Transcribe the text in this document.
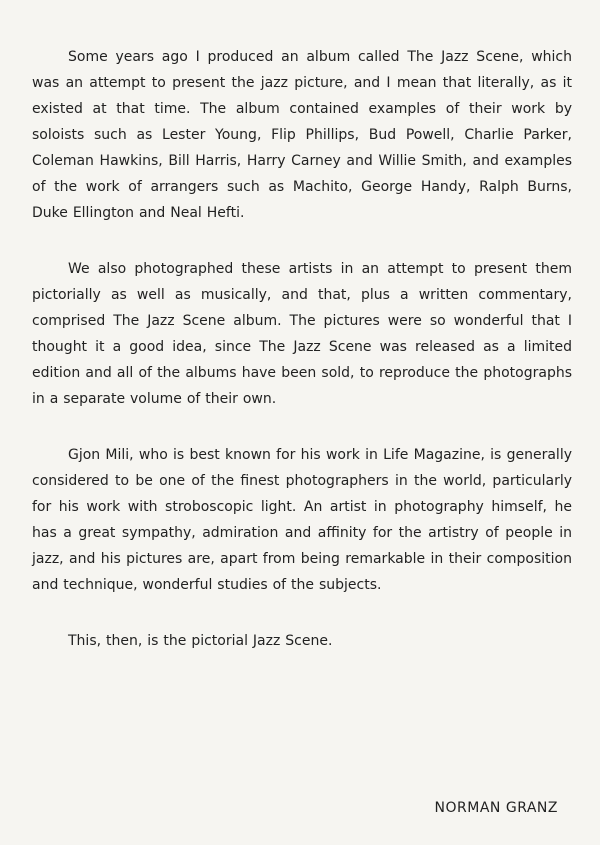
Some years ago I produced an album called The Jazz Scene, which was an attempt to present the jazz picture, and I mean that literally, as it existed at that time. The album contained examples of their work by soloists such as Lester Young, Flip Phillips, Bud Powell, Charlie Parker, Coleman Hawkins, Bill Harris, Harry Carney and Willie Smith, and examples of the work of arrangers such as Machito, George Handy, Ralph Burns, Duke Ellington and Neal Hefti.

We also photographed these artists in an attempt to present them pictorially as well as musically, and that, plus a written commentary, comprised The Jazz Scene album. The pictures were so wonderful that I thought it a good idea, since The Jazz Scene was released as a limited edition and all of the albums have been sold, to reproduce the photographs in a separate volume of their own.

Gjon Mili, who is best known for his work in Life Magazine, is generally considered to be one of the finest photographers in the world, particularly for his work with stroboscopic light. An artist in photography himself, he has a great sympathy, admiration and affinity for the artistry of people in jazz, and his pictures are, apart from being remarkable in their composition and technique, wonderful studies of the subjects.

This, then, is the pictorial Jazz Scene.

NORMAN GRANZ
